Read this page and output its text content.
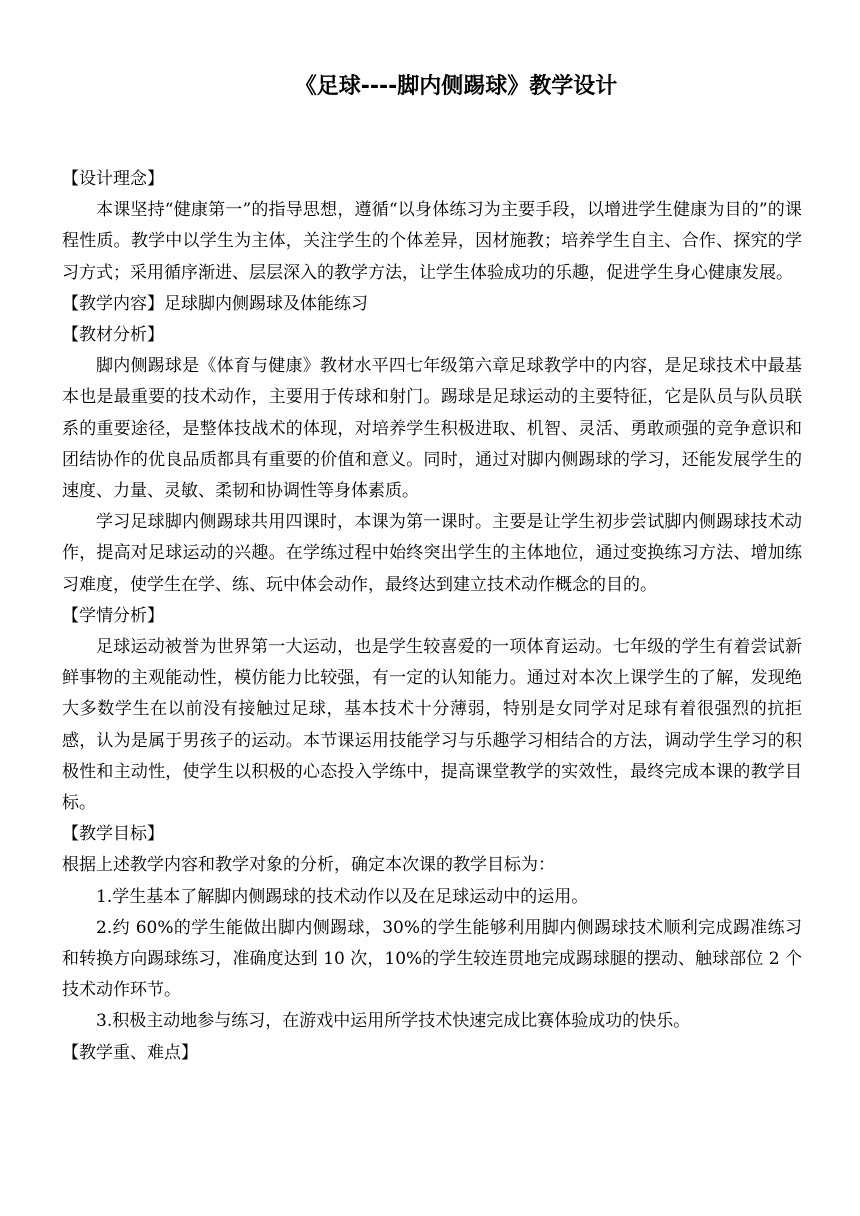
《足球----脚内侧踢球》教学设计

【设计理念】

本课坚持“健康第一”的指导思想，遵循“以身体练习为主要手段，以增进学生健康为目的”的课程性质。教学中以学生为主体，关注学生的个体差异，因材施教；培养学生自主、合作、探究的学习方式；采用循序渐进、层层深入的教学方法，让学生体验成功的乐趣，促进学生身心健康发展。

【教学内容】足球脚内侧踢球及体能练习

【教材分析】

脚内侧踢球是《体育与健康》教材水平四七年级第六章足球教学中的内容，是足球技术中最基本也是最重要的技术动作，主要用于传球和射门。踢球是足球运动的主要特征，它是队员与队员联系的重要途径，是整体技战术的体现，对培养学生积极进取、机智、灵活、勇敢顽强的竞争意识和团结协作的优良品质都具有重要的价值和意义。同时，通过对脚内侧踢球的学习，还能发展学生的速度、力量、灵敏、柔韧和协调性等身体素质。

学习足球脚内侧踢球共用四课时，本课为第一课时。主要是让学生初步尝试脚内侧踢球技术动作，提高对足球运动的兴趣。在学练过程中始终突出学生的主体地位，通过变换练习方法、增加练习难度，使学生在学、练、玩中体会动作，最终达到建立技术动作概念的目的。

【学情分析】

足球运动被誉为世界第一大运动，也是学生较喜爱的一项体育运动。七年级的学生有着尝试新鲜事物的主观能动性，模仿能力比较强，有一定的认知能力。通过对本次上课学生的了解，发现绝大多数学生在以前没有接触过足球，基本技术十分薄弱，特别是女同学对足球有着很强烈的抗拒感，认为是属于男孩子的运动。本节课运用技能学习与乐趣学习相结合的方法，调动学生学习的积极性和主动性，使学生以积极的心态投入学练中，提高课堂教学的实效性，最终完成本课的教学目标。

【教学目标】

根据上述教学内容和教学对象的分析，确定本次课的教学目标为：

1.学生基本了解脚内侧踢球的技术动作以及在足球运动中的运用。

2.约 60%的学生能做出脚内侧踢球，30%的学生能够利用脚内侧踢球技术顺利完成踢准练习和转换方向踢球练习，准确度达到 10 次，10%的学生较连贯地完成踢球腿的摆动、触球部位 2 个技术动作环节。

3.积极主动地参与练习，在游戏中运用所学技术快速完成比赛体验成功的快乐。

【教学重、难点】
